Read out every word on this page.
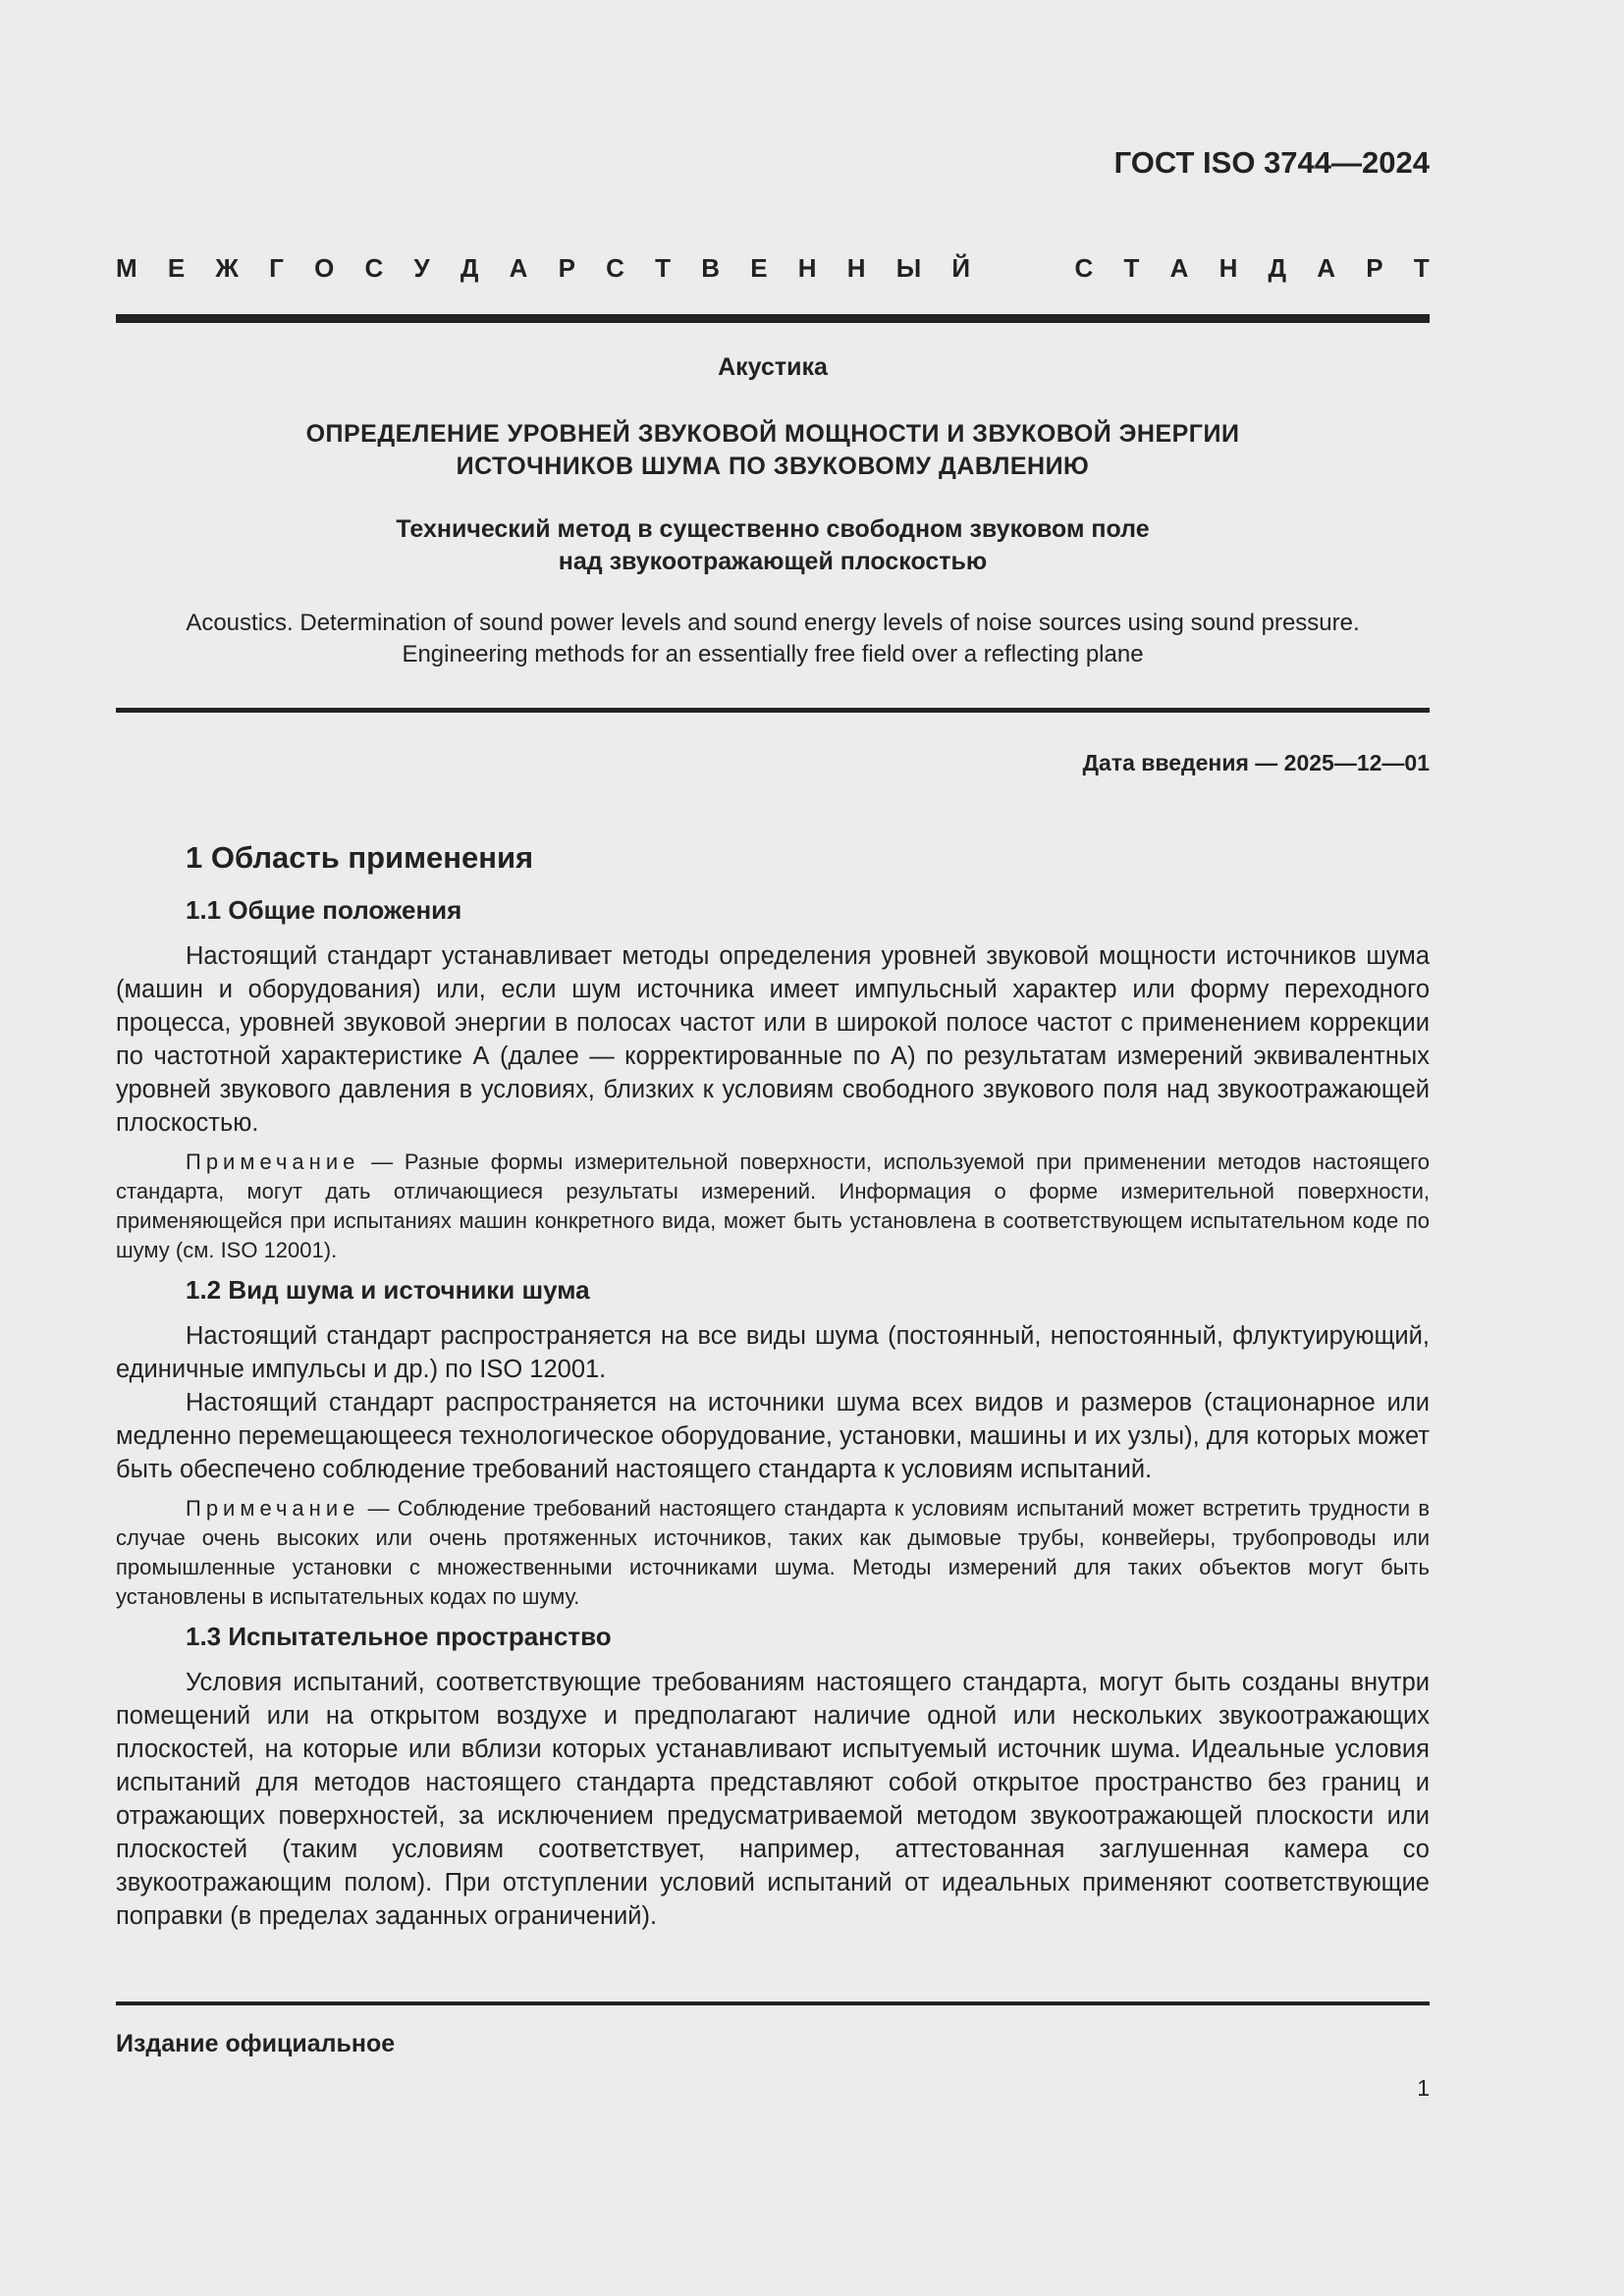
ГОСТ ISO 3744—2024
М Е Ж Г О С У Д А Р С Т В Е Н Н Ы Й	С Т А Н Д А Р Т
Акустика
ОПРЕДЕЛЕНИЕ УРОВНЕЙ ЗВУКОВОЙ МОЩНОСТИ И ЗВУКОВОЙ ЭНЕРГИИ
ИСТОЧНИКОВ ШУМА ПО ЗВУКОВОМУ ДАВЛЕНИЮ
Технический метод в существенно свободном звуковом поле
над звукоотражающей плоскостью
Acoustics. Determination of sound power levels and sound energy levels of noise sources using sound pressure.
Engineering methods for an essentially free field over a reflecting plane
Дата введения — 2025—12—01
1 Область применения
1.1 Общие положения

Настоящий стандарт устанавливает методы определения уровней звуковой мощности источников шума (машин и оборудования) или, если шум источника имеет импульсный характер или форму переходного процесса, уровней звуковой энергии в полосах частот или в широкой полосе частот с применением коррекции по частотной характеристике А (далее — корректированные по А) по результатам измерений эквивалентных уровней звукового давления в условиях, близких к условиям свободного звукового поля над звукоотражающей плоскостью.

Примечание — Разные формы измерительной поверхности, используемой при применении методов настоящего стандарта, могут дать отличающиеся результаты измерений. Информация о форме измерительной поверхности, применяющейся при испытаниях машин конкретного вида, может быть установлена в соответствующем испытательном коде по шуму (см. ISO 12001).

1.2 Вид шума и источники шума

Настоящий стандарт распространяется на все виды шума (постоянный, непостоянный, флуктуирующий, единичные импульсы и др.) по ISO 12001.

Настоящий стандарт распространяется на источники шума всех видов и размеров (стационарное или медленно перемещающееся технологическое оборудование, установки, машины и их узлы), для которых может быть обеспечено соблюдение требований настоящего стандарта к условиям испытаний.

Примечание — Соблюдение требований настоящего стандарта к условиям испытаний может встретить трудности в случае очень высоких или очень протяженных источников, таких как дымовые трубы, конвейеры, трубопроводы или промышленные установки с множественными источниками шума. Методы измерений для таких объектов могут быть установлены в испытательных кодах по шуму.

1.3 Испытательное пространство

Условия испытаний, соответствующие требованиям настоящего стандарта, могут быть созданы внутри помещений или на открытом воздухе и предполагают наличие одной или нескольких звукоотражающих плоскостей, на которые или вблизи которых устанавливают испытуемый источник шума. Идеальные условия испытаний для методов настоящего стандарта представляют собой открытое пространство без границ и отражающих поверхностей, за исключением предусматриваемой методом звукоотражающей плоскости или плоскостей (таким условиям соответствует, например, аттестованная заглушенная камера со звукоотражающим полом). При отступлении условий испытаний от идеальных применяют соответствующие поправки (в пределах заданных ограничений).

Издание официальное
1
